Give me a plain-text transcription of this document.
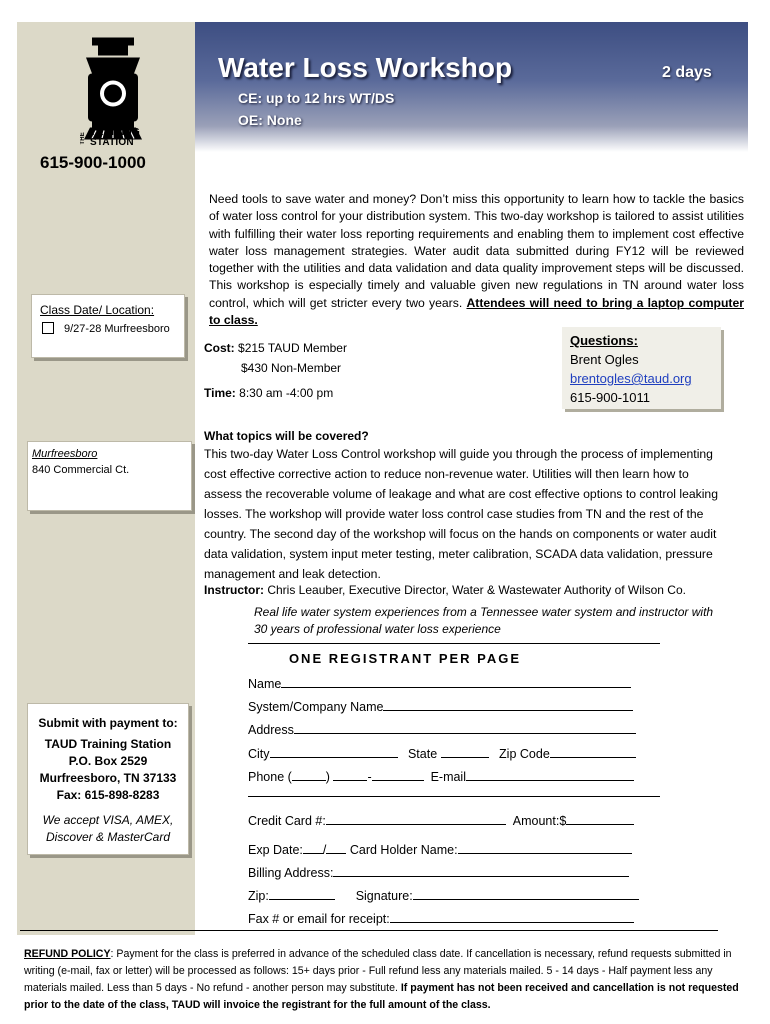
THE TRAINING
STATION
615-900-1000
Class Date/ Location:
9/27-28 Murfreesboro
Murfreesboro
840 Commercial Ct.
Submit with payment to:
TAUD Training Station
P.O. Box 2529
Murfreesboro, TN 37133
Fax: 615-898-8283
We accept VISA, AMEX,
Discover & MasterCard
Water Loss Workshop	2 days
CE: up to 12 hrs WT/DS
OE: None
Need tools to save water and money? Don’t miss this opportunity to learn how to tackle the basics of water loss control for your distribution system. This two-day workshop is tailored to assist utilities with fulfilling their water loss reporting requirements and enabling them to implement cost effective water loss management strategies. Water audit data submitted during FY12 will be reviewed together with the utilities and data validation and data quality improvement steps will be discussed. This workshop is especially timely and valuable given new regulations in TN around water loss control, which will get stricter every two years. Attendees will need to bring a laptop computer to class.
Cost: $215 TAUD Member
$430 Non-Member
Time: 8:30 am -4:00 pm
Questions:
Brent Ogles
brentogles@taud.org
615-900-1011
What topics will be covered?
This two-day Water Loss Control workshop will guide you through the process of implementing cost effective corrective action to reduce non-revenue water. Utilities will then learn how to assess the recoverable volume of leakage and what are cost effective options to control leaking losses. The workshop will provide water loss control case studies from TN and the rest of the country. The second day of the workshop will focus on the hands on components or water audit data validation, system input meter testing, meter calibration, SCADA data validation, pressure management and leak detection.
Instructor: Chris Leauber, Executive Director, Water & Wastewater Authority of Wilson Co.
Real life water system experiences from a Tennessee water system and instructor with 30 years of professional water loss experience
ONE REGISTRANT PER PAGE
Name
System/Company Name
Address
City	State	Zip Code
Phone (	)	-	E-mail
Credit Card #:	Amount:$
Exp Date: / Card Holder Name:
Billing Address:
Zip:	Signature:
Fax # or email for receipt:
REFUND POLICY: Payment for the class is preferred in advance of the scheduled class date. If cancellation is necessary, refund requests submitted in writing (e-mail, fax or letter) will be processed as follows: 15+ days prior - Full refund less any materials mailed. 5 - 14 days - Half payment less any materials mailed. Less than 5 days - No refund - another person may substitute. If payment has not been received and cancellation is not requested prior to the date of the class, TAUD will invoice the registrant for the full amount of the class.
